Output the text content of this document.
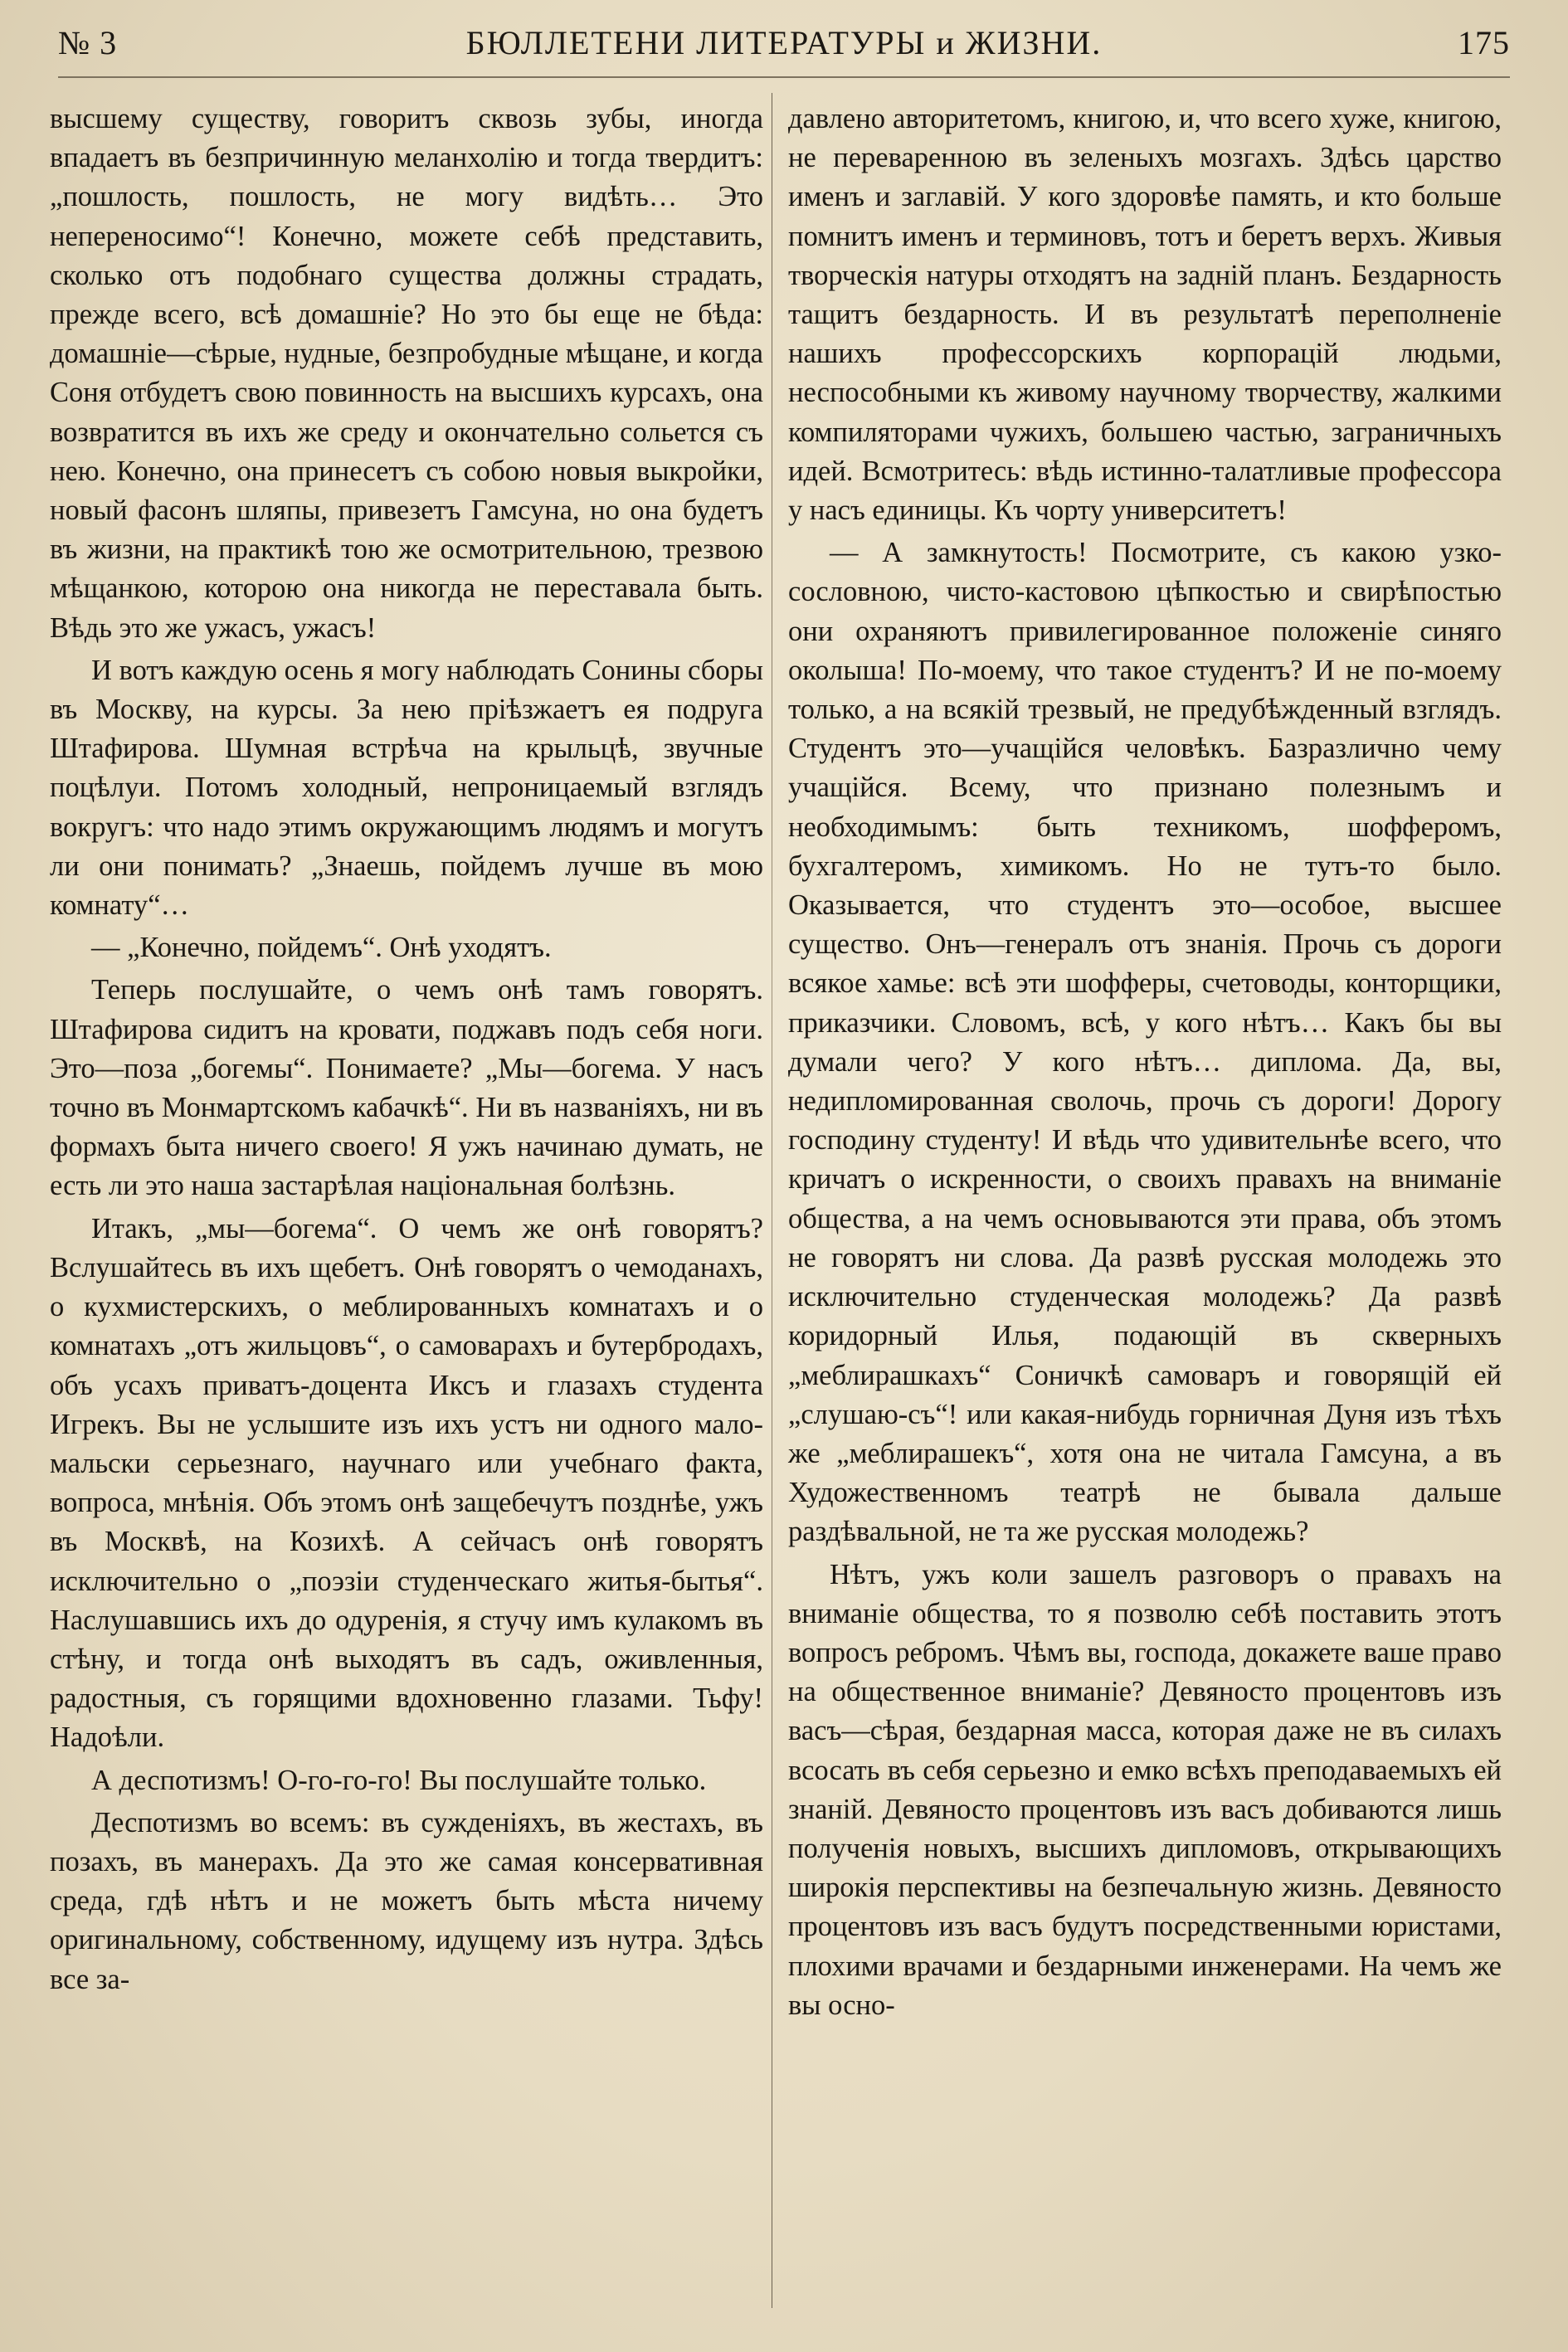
№ 3	БЮЛЛЕТЕНИ ЛИТЕРАТУРЫ и ЖИЗНИ.	175

высшему существу, говоритъ сквозь зубы, иногда впадаетъ въ безпричинную меланхолію и тогда твердитъ: „пошлость, пошлость, не могу видѣть… Это непереносимо“! Конечно, можете себѣ представить, сколько отъ подобнаго существа должны страдать, прежде всего, всѣ домашніе? Но это бы еще не бѣда: домашніе—сѣрые, нудные, безпробудные мѣщане, и когда Соня отбудетъ свою повинность на высшихъ курсахъ, она возвратится въ ихъ же среду и окончательно сольется съ нею. Конечно, она принесетъ съ собою новыя выкройки, новый фасонъ шляпы, привезетъ Гамсуна, но она будетъ въ жизни, на практикѣ тою же осмотрительною, трезвою мѣщанкою, которою она никогда не переставала быть. Вѣдь это же ужасъ, ужасъ!

И вотъ каждую осень я могу наблюдать Сонины сборы въ Москву, на курсы. За нею пріѣзжаетъ ея подруга Штафирова. Шумная встрѣча на крыльцѣ, звучные поцѣлуи. Потомъ холодный, непроницаемый взглядъ вокругъ: что надо этимъ окружающимъ людямъ и могутъ ли они понимать? „Знаешь, пойдемъ лучше въ мою комнату“…

— „Конечно, пойдемъ“. Онѣ уходятъ.

Теперь послушайте, о чемъ онѣ тамъ говорятъ. Штафирова сидитъ на кровати, поджавъ подъ себя ноги. Это—поза „богемы“. Понимаете? „Мы—богема. У насъ точно въ Монмартскомъ кабачкѣ“. Ни въ названіяхъ, ни въ формахъ быта ничего своего! Я ужъ начинаю думать, не есть ли это наша застарѣлая національная болѣзнь.

Итакъ, „мы—богема“. О чемъ же онѣ говорятъ? Вслушайтесь въ ихъ щебетъ. Онѣ говорятъ о чемоданахъ, о кухмистерскихъ, о меблированныхъ комнатахъ и о комнатахъ „отъ жильцовъ“, о самоварахъ и бутербродахъ, объ усахъ приватъ-доцента Иксъ и глазахъ студента Игрекъ. Вы не услышите изъ ихъ устъ ни одного мало-мальски серьезнаго, научнаго или учебнаго факта, вопроса, мнѣнія. Объ этомъ онѣ защебечутъ позднѣе, ужъ въ Москвѣ, на Козихѣ. А сейчасъ онѣ говорятъ исключительно о „поэзіи студенческаго житья-бытья“. Наслушавшись ихъ до одуренія, я стучу имъ кулакомъ въ стѣну, и тогда онѣ выходятъ въ садъ, оживленныя, радостныя, съ горящими вдохновенно глазами. Тьфу! Надоѣли.

А деспотизмъ! О-го-го-го! Вы послушайте только.

Деспотизмъ во всемъ: въ сужденіяхъ, въ жестахъ, въ позахъ, въ манерахъ. Да это же самая консервативная среда, гдѣ нѣтъ и не можетъ быть мѣста ничему оригинальному, собственному, идущему изъ нутра. Здѣсь все за-

давлено авторитетомъ, книгою, и, что всего хуже, книгою, не переваренною въ зеленыхъ мозгахъ. Здѣсь царство именъ и заглавій. У кого здоровѣе память, и кто больше помнитъ именъ и терминовъ, тотъ и беретъ верхъ. Живыя творческія натуры отходятъ на задній планъ. Бездарность тащитъ бездарность. И въ результатѣ переполненіе нашихъ профессорскихъ корпорацій людьми, неспособными къ живому научному творчеству, жалкими компиляторами чужихъ, большею частью, заграничныхъ идей. Всмотритесь: вѣдь истинно-талатливые профессора у насъ единицы. Къ чорту университетъ!

— А замкнутость! Посмотрите, съ какою узко-сословною, чисто-кастовою цѣпкостью и свирѣпостью они охраняютъ привилегированное положеніе синяго околыша! По-моему, что такое студентъ? И не по-моему только, а на всякій трезвый, не предубѣжденный взглядъ. Студентъ это—учащійся человѣкъ. Базразлично чему учащійся. Всему, что признано полезнымъ и необходимымъ: быть техникомъ, шофферомъ, бухгалтеромъ, химикомъ. Но не тутъ-то было. Оказывается, что студентъ это—особое, высшее существо. Онъ—генералъ отъ знанія. Прочь съ дороги всякое хамье: всѣ эти шофферы, счетоводы, конторщики, приказчики. Словомъ, всѣ, у кого нѣтъ… Какъ бы вы думали чего? У кого нѣтъ… диплома. Да, вы, недипломированная сволочь, прочь съ дороги! Дорогу господину студенту! И вѣдь что удивительнѣе всего, что кричатъ о искренности, о своихъ правахъ на вниманіе общества, а на чемъ основываются эти права, объ этомъ не говорятъ ни слова. Да развѣ русская молодежь это исключительно студенческая молодежь? Да развѣ коридорный Илья, подающій въ скверныхъ „меблирашкахъ“ Соничкѣ самоваръ и говорящій ей „слушаю-съ“! или какая-нибудь горничная Дуня изъ тѣхъ же „меблирашекъ“, хотя она не читала Гамсуна, а въ Художественномъ театрѣ не бывала дальше раздѣвальной, не та же русская молодежь?

Нѣтъ, ужъ коли зашелъ разговоръ о правахъ на вниманіе общества, то я позволю себѣ поставить этотъ вопросъ ребромъ. Чѣмъ вы, господа, докажете ваше право на общественное вниманіе? Девяносто процентовъ изъ васъ—сѣрая, бездарная масса, которая даже не въ силахъ всосать въ себя серьезно и емко всѣхъ преподаваемыхъ ей знаній. Девяносто процентовъ изъ васъ добиваются лишь полученія новыхъ, высшихъ дипломовъ, открывающихъ широкія перспективы на безпечальную жизнь. Девяносто процентовъ изъ васъ будутъ посредственными юристами, плохими врачами и бездарными инженерами. На чемъ же вы осно-
